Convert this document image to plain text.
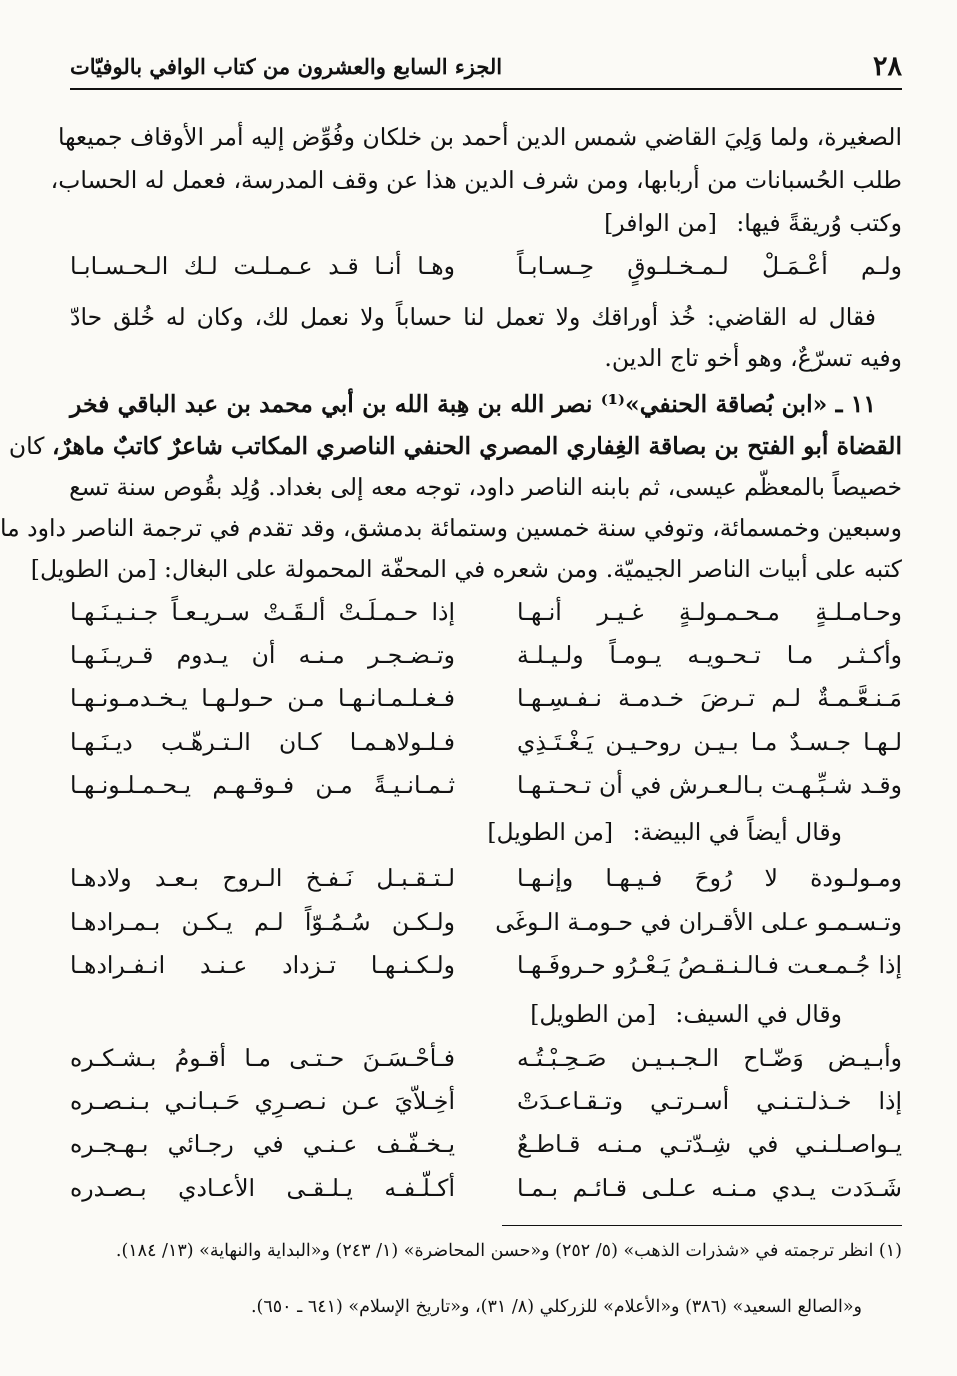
٢٨
الجزء السابع والعشرون من كتاب الوافي بالوفيّات
الصغيرة، ولما وَلِيَ القاضي شمس الدين أحمد بن خلكان وفُوِّض إليه أمر الأوقاف جميعها
طلب الحُسبانات من أربابها، ومن شرف الدين هذا عن وقف المدرسة، فعمل له الحساب،
وكتب وُريقةً فيها: [من الوافر]
ولـم أعْـمَـلْ لـمـخـلـوقٍ حِـسـابـاً
وهـا أنـا قـد عـمـلـت لـك الـحـسـابـا
فقال له القاضي: خُذ أوراقك ولا تعمل لنا حساباً ولا نعمل لك، وكان له خُلق حادّ
وفيه تسرّعٌ، وهو أخو تاج الدين.
١١ ـ «ابن بُصاقة الحنفي»⁽¹⁾ نصر الله بن هِبة الله بن أبي محمد بن عبد الباقي فخر
القضاة أبو الفتح بن بصاقة الغِفاري المصري الحنفي الناصري المكاتب شاعرٌ كاتبٌ ماهرٌ، كان
خصيصاً بالمعظّم عيسى، ثم بابنه الناصر داود، توجه معه إلى بغداد. وُلِد بقُوص سنة تسع
وسبعين وخمسمائة، وتوفي سنة خمسين وستمائة بدمشق، وقد تقدم في ترجمة الناصر داود ما
كتبه على أبيات الناصر الجيميّة. ومن شعره في المحفّة المحمولة على البغال: [من الطويل]
وحـامـلـةٍ مـحـمـولـةٍ غـيـر أنـهـا
إذا حـمـلَـتْ ألـقَـتْ سـريـعـاً جـنـيـنَـهـا
وأكـثـر مـا تـحـويـه يـومـاً ولـيـلـة
وتـضـجـر مـنـه أن يـدوم قـريـنَـهـا
مَـنـعَّـمـةٌ لـم تـرضَ خـدمـة نـفـسِـهـا
فـغـلـمـانـهـا مـن حـولـهـا يـخـدمـونـهـا
لـهـا جـسـدٌ مـا بـيـن روحـيـن يَـغْـتَـذِي
فـلـولاهـمـا كـان الـتـرهّـب ديـنَـهـا
وقـد شـبِّـهـت بـالـعـرش في أن تـحـتـهـا
ثـمـانـيـةً مـن فـوقـهـم يـحـمـلـونـهـا
وقال أيضاً في البيضة: [من الطويل]
ومـولـودة لا رُوحَ فـيـهـا وإنـهـا
لـتـقـبـل نَـفـخ الـروح بـعـد ولادهـا
وتـسـمـو عـلى الأقـران في حـومـة الـوغَى
ولـكـن سُـمُـوّاً لـم يـكـن بـمـرادهـا
إذا جُـمـعـت فـالـنـقـصُ يَـعْـرُو حـروفَـهـا
ولـكـنـهـا تـزداد عـنـد انـفـرادهـا
وقال في السيف: [من الطويل]
وأبـيـض وَضّـاح الـجـبـيـن صَـحِـبْـتُـه
فـأحْـسَـنَ حـتـى مـا أقـومُ بـشـكـره
إذا خـذلـتـنـي أسـرتـي وتـقـاعـدَتْ
أخِـلاّيَ عـن نـصـرِي حَـبـانـي بـنـصـره
يـواصـلـنـي في شِـدّتـي مـنـه قـاطـعٌ
يـخـفّـف عـنـي في رجـائي بـهـجـره
شَـدَدت يـدي مـنـه عـلـى قـائـم بـمـا
أكـلّـفـه يـلـقـى الأعـادي بـصـدره
(١) انظر ترجمته في «شذرات الذهب» (٥/ ٢٥٢) و«حسن المحاضرة» (١/ ٢٤٣) و«البداية والنهاية» (١٣/ ١٨٤).
و«الصالع السعيد» (٣٨٦) و«الأعلام» للزركلي (٨/ ٣١)، و«تاريخ الإسلام» (٦٤١ ـ ٦٥٠).
